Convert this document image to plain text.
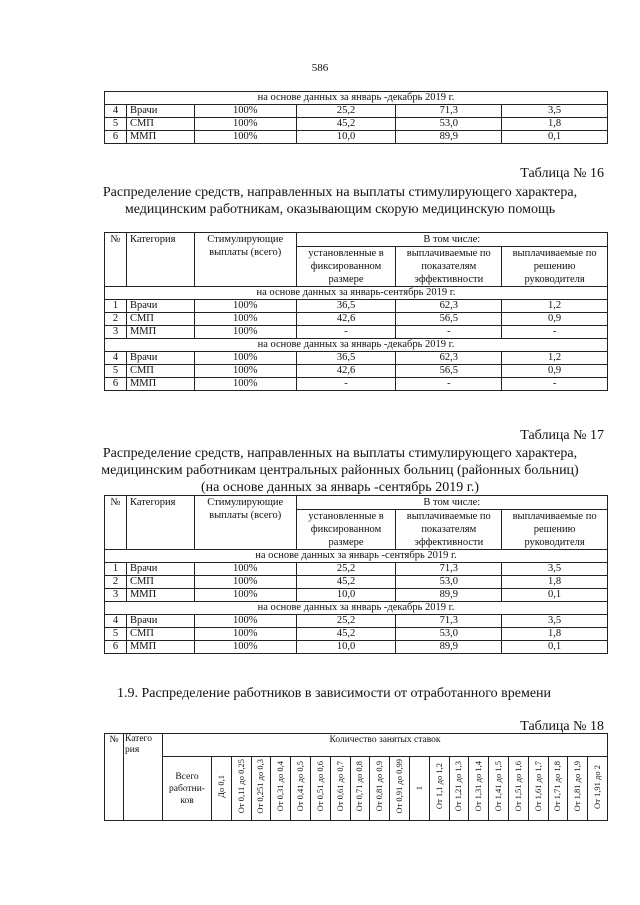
586
на основе данных за январь -декабрь 2019 г.					
4	Врачи	100%	25,2	71,3	3,5
5	СМП	100%	45,2	53,0	1,8
6	ММП	100%	10,0	89,9	0,1
Таблица № 16
Распределение средств, направленных на выплаты стимулирующего характера,
медицинским работникам, оказывающим скорую медицинскую помощь
№	Категория	Стимулирующие выплаты (всего)	В том числе:		
			установленные в фиксированном размере	выплачиваемые по показателям эффективности	выплачиваемые по решению руководителя
на основе данных за январь-сентябрь 2019 г.					
1	Врачи	100%	36,5	62,3	1,2
2	СМП	100%	42,6	56,5	0,9
3	ММП	100%	-	-	-
на основе данных за январь -декабрь 2019 г.					
4	Врачи	100%	36,5	62,3	1,2
5	СМП	100%	42,6	56,5	0,9
6	ММП	100%	-	-	-
Таблица № 17
Распределение средств, направленных на выплаты стимулирующего характера,
медицинским работникам центральных районных больниц (районных больниц)
(на основе данных за январь -сентябрь 2019 г.)
№	Категория	Стимулирующие выплаты (всего)	В том числе:		
			установленные в фиксированном размере	выплачиваемые по показателям эффективности	выплачиваемые по решению руководителя
на основе данных за январь -сентябрь 2019 г.					
1	Врачи	100%	25,2	71,3	3,5
2	СМП	100%	45,2	53,0	1,8
3	ММП	100%	10,0	89,9	0,1
на основе данных за январь -декабрь 2019 г.					
4	Врачи	100%	25,2	71,3	3,5
5	СМП	100%	45,2	53,0	1,8
6	ММП	100%	10,0	89,9	0,1
1.9. Распределение работников в зависимости от отработанного времени
Таблица № 18
№	Катего рия	Количество занятых ставок																				
		Всего работни- ков	До 0,1	От 0,11 до 0,25	От 0,251 до 0,3	От 0,31 до 0,4	От 0,41 до 0,5	От 0,51 до 0,6	От 0,61 до 0,7	От 0,71 до 0,8	От 0,81 до 0,9	От 0,91 до 0,99	1	От 1,1 до 1,2	От 1,21 до 1,3	От 1,31 до 1,4	От 1,41 до 1,5	От 1,51 до 1,6	От 1,61 до 1,7	От 1,71 до 1,8	От 1,81 до 1,9	От 1,91 до 2
